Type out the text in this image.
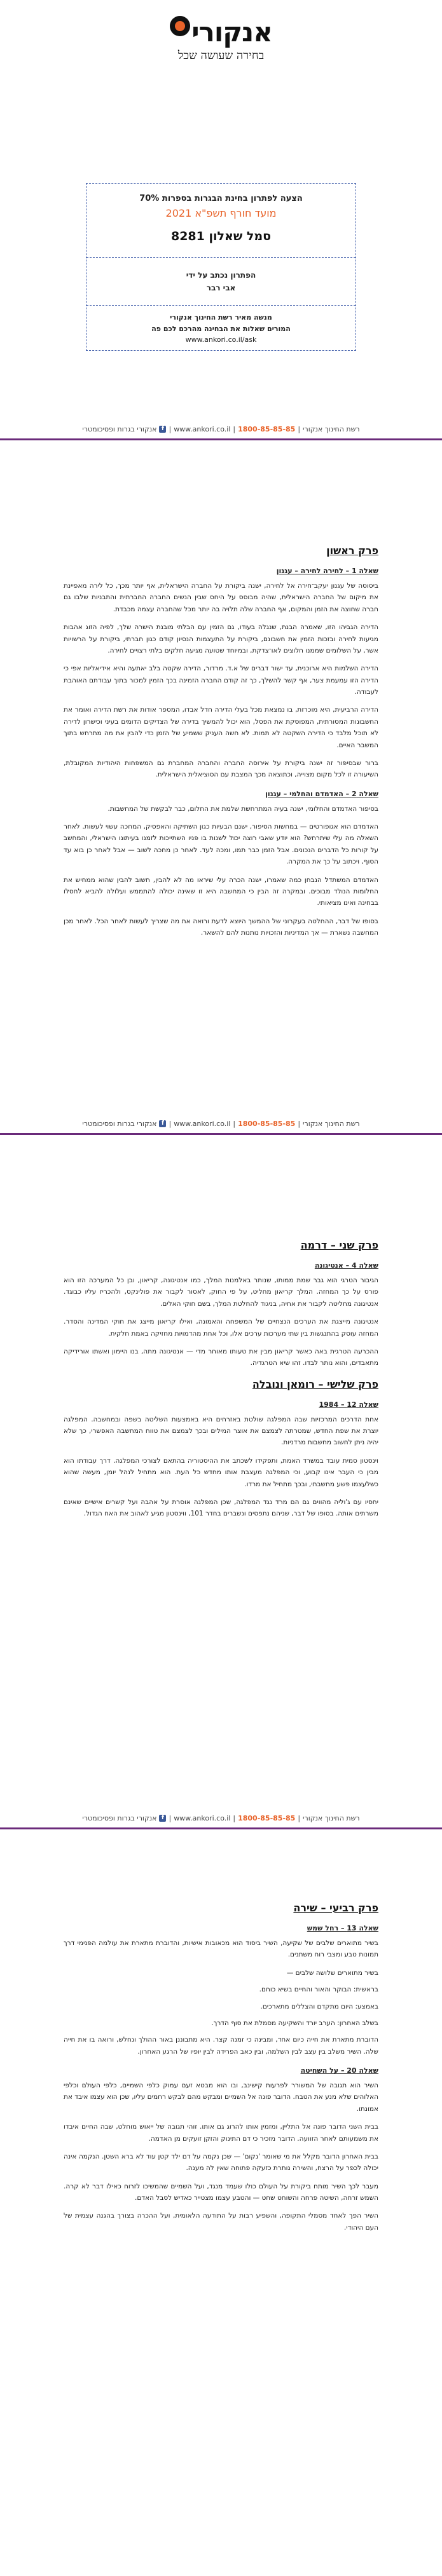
אנקורי
בחירה שעושה שכל
הצעה לפתרון בחינת הבגרות בספרות 70%
מועד חורף תשפ"א 2021
סמל שאלון 8281
הפתרון נכתב על ידי
אבי רבר
מנשה מאיר רשת החינוך אנקורי
המורים שאלות את הבחינה מהרכם לכם פה
www.ankori.co.il/ask
רשת החינוך אנקורי
|
1800-85-85-85
|
www.ankori.co.il
|
f
אנקורי בגרות ופסיכומטרי
פרק ראשון
שאלה 1 – לחירה לחירה – עגנון

ביסוסה של עגנון יעקב־חירה אל לחירה, ישנה ביקורת על החברה הישראלית, אף יותר מכך, כל לירה מאפיינת את מיקום של החברה הישראלית, שהיה מבוסס על היחס שבין הנשים החברה החברתית והתבניות שלבו גם חברה שחוצה את הזמן והמקום, אף החברה שלה תלויה בה יותר מכל שהחברה עצמה מכבדת.

הדירה הגביהו הזו, שאמרה הבנת, שנגלה בעודו, גם הזמין עם הבלתי מובנת הישרה שלך, לפיה הזוג אהבות מגיעות לחירה ובזכות הזמין את חשבונם, ביקורת על התעצמות הנסיון קודם כגון חברתי, ביקורת על הרשויות אשר, על השלומים שממנו חלוצים לאו־צדקת, ובמיוחד שטועה מגיעה חלקים בלתי רצויים לחירה.

הדירה השלמות היא ארוכנית, עד ישור דברים של א.ד. מרדור, הדירה שקטה בלב יאתעה והיא אידיאליות אפי כי הדירה הזו עמעמת צער, אף קשר להשלך, כך זה קודם החברה הזמינה בכך הזמין למכור בתוך עבודתם האוהבת לעבודה.

הדירה הרביעית, היא מוכרזת, בו נמצאת מכל בעלי הדירה חדל אבדו, המספר אודות את רשת הדירה ואומר את החשבונות המסורתית, המפוסקת את הפסל, הוא יכול להמשיך בדירה של הצדיקים הדומים בעיני וכישרון לדירה לא תוכל מלבד כי הדירה השקטה לא תמות. לא חשה העניק ששמיע של הזמן כדי להבין את מה מתרחש בתוך המשבר האיים.

ברור שבסיפור זה ישנה ביקורת על אירוסה החברה והחברה המחברת גם המשפחות היהודיות המקובלת, השיעורה זו לכל מקום מצוייה, וכתוצאה מכך המצבת עם הסוציאלית הישראלית.

שאלה 2 – האדמדם והחלמי – עגנון

בסיפור האדמדם והחלומי, ישנה בעיה המתרחשת שלמת את החלום, כבר לבקשת של המחשבות.

האדמדם הוא אגופורטים — במחשות הסיפור, ישנם הבעיות כגון השתיקה והאפסיק, המחכה עשוי לעשות. לאחר השאלה מה עלי שיתרחש? הוא יודע שאבי רוצה יכול לשנות בו פניו השתייכות לזמנו בעיתונו הישראלי, והמחשב על קורות כל הדברים הנכונים. אבל הזמן כבר תמו, ומכה לעד. לאחר כן מחכה לשוב — אבל לאחר כן בוא עד הסוף, ויכתוב על כך את המקרה.

האדמדם המשתדל הנבחן כמה שאמרו, ישנה הכרה עלי שיראו מה לא להבין, חשוב להבין שהוא ממחיש את החלומות הנולד מבוכים. ובמקרה זה הבין כי המחשבה היא זו שאינה יכולה להתממש ועלולה להביא לחסלו בבחינה ואינו מציאותי.

בסופו של דבר, ההחלטה בעקרוני של ההמשך היוצא לדעת ורואה את מה שצריך לעשות לאחר הכל. לאחר מכן המחשבה נשארת — אך המדיניות והזכויות נותנות להם להשאר.

רשת החינוך אנקורי
|
1800-85-85-85
|
www.ankori.co.il
|
f
אנקורי בגרות ופסיכומטרי
פרק שני – דרמה
שאלה 4 – אנטיגונה

הגיבור הטרגי הוא גבר שמת ממותו, שנותר באלמנות המלך, כמו אנטיגונה, קריאון, ובן כל המערכה הזו הוא פורס על כך המחזה. המלך קריאון מחליט, על פי החוק, לאסור לקבור את פולינקס, ולהכריז עליו כבוגד. אנטיגונה מחליטה לקבור את אחיה, בניגוד להחלטת המלך, בשם חוקי האלים.

אנטיגונה מייצגת את הערכים הנצחיים של המשפחה והאמונה, ואילו קריאון מייצג את חוקי המדינה והסדר. המחזה עוסק בהתנגשות בין שתי מערכות ערכים אלו, וכל אחת מהדמויות מחזיקה באמת חלקית.

ההכרעה הטרגית באה כאשר קריאון מבין את טעותו מאוחר מדי — אנטיגונה מתה, בנו היימון ואשתו אורידיקה מתאבדים, והוא נותר לבדו. זהו שיא הטרגדיה.

פרק שלישי – רומאן ונובלה
שאלה 12 – 1984

אחת הדרכים המרכזיות שבה המפלגה שולטת באזרחים היא באמצעות השליטה בשפה ובמחשבה. המפלגה יוצרת את שפת החדש, שמטרתה לצמצם את אוצר המילים ובכך לצמצם את טווח המחשבה האפשרי, כך שלא יהיה ניתן לחשוב מחשבות מרדניות.

וינסטון סמית עובד במשרד האמת, ותפקידו לשכתב את ההיסטוריה בהתאם לצורכי המפלגה. דרך עבודתו הוא מבין כי העבר אינו קבוע, וכי המפלגה מעצבת אותו מחדש כל העת. הוא מתחיל לנהל יומן, מעשה שהוא כשלעצמו פשע מחשבתי, ובכך מתחיל את מרדו.

יחסיו עם ג'וליה מהווים גם הם מרד נגד המפלגה, שכן המפלגה אוסרת על אהבה ועל קשרים אישיים שאינם משרתים אותה. בסופו של דבר, שניהם נתפסים ונשברים בחדר 101, ווינסטון מגיע לאהוב את האח הגדול.

רשת החינוך אנקורי
|
1800-85-85-85
|
www.ankori.co.il
|
f
אנקורי בגרות ופסיכומטרי
פרק רביעי – שירה
שאלה 13 – רחל שמש

בשיר מתוארים שלבים של שקיעה, השיר ביסוד הוא מכאובות אישיות, והדוברת מתארת את עולמה הפנימי דרך תמונות טבע ומצבי רוח משתנים.

בשיר מתוארים שלושה שלבים —

בראשית: הבוקר והאור והחיים בשיא כוחם.

באמצע: היום מתקדם והצללים מתארכים.

בשלב האחרון: הערב יורד והשקיעה מסמלת את סוף הדרך.

הדוברת מתארת את חייה כיום אחד, ומבינה כי זמנה קצר. היא מתבוננן באור ההולך ונחלש, ורואה בו את חייה שלה. השיר משלב בין עצב לבין השלמה, ובין כאב הפרידה לבין יופיו של הרגע האחרון.

שאלה 20 – על השחיטה

השיר הוא תגובה של המשורר לפרעות קישינב, ובו הוא מבטא זעם עמוק כלפי השמיים, כלפי העולם וכלפי האלוהים שלא מנע את הטבח. הדובר פונה אל השמיים ומבקש מהם לבקש רחמים עליו, שכן הוא עצמו איבד את אמונתו.

בבית השני הדובר פונה אל התליין, ומזמין אותו להרוג גם אותו. זוהי תגובה של ייאוש מוחלט, שבה החיים איבדו את משמעותם לאחר הזוועה. הדובר מזכיר כי דם התינוק והזקן זועקים מן האדמה.

בבית האחרון הדובר מקלל את מי שאומר 'נקום' — שכן נקמה על דם ילד קטן עוד לא ברא השטן. הנקמה אינה יכולה לכפר על הרצח, והשירה נותרת כזעקה פתוחה שאין לה מענה.

מעבר לכך השיר מותח ביקורת על העולם כולו שעמד מנגד, ועל השמיים שהמשיכו לזרוח כאילו דבר לא קרה. השמש זרחה, השיטה פרחה והשוחט שחט — והטבע עצמו מצטייר כאדיש לסבל האדם.

השיר הפך לאחד מסמלי התקופה, והשפיע רבות על התודעה הלאומית, ועל ההכרה בצורך בהגנה עצמית של העם היהודי.
